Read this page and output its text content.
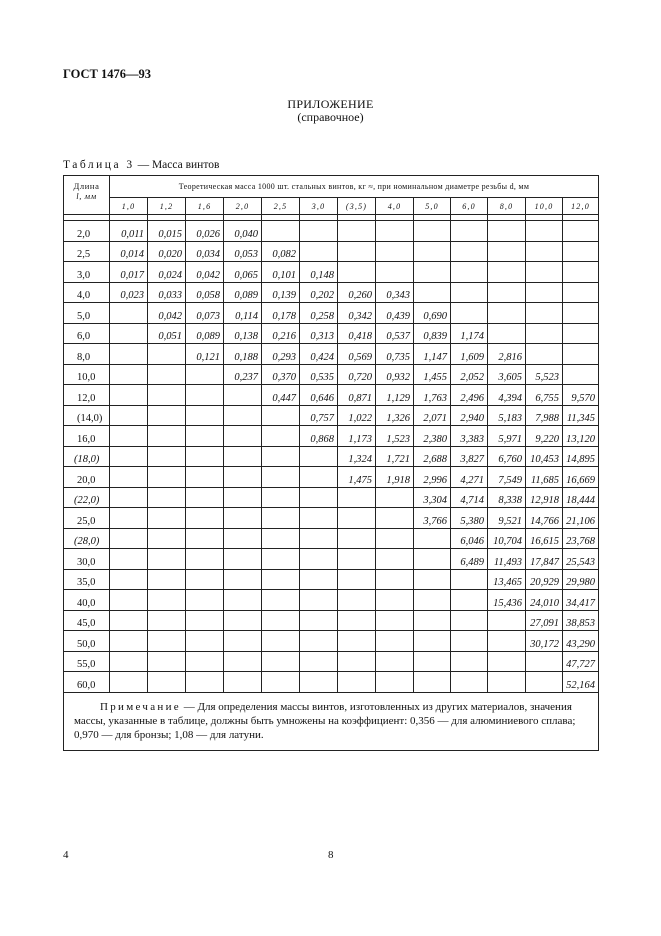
ГОСТ 1476—93
ПРИЛОЖЕНИЕ
(справочное)
Таблица 3 — Масса винтов
Длина
l, мм	Теоретическая масса 1000 шт. стальных винтов, кг ≈, при номинальном диаметре резьбы d, мм												
	1,0	1,2	1,6	2,0	2,5	3,0	(3,5)	4,0	5,0	6,0	8,0	10,0	12,0

2,0	0,011	0,015	0,026	0,040									
2,5	0,014	0,020	0,034	0,053	0,082								
3,0	0,017	0,024	0,042	0,065	0,101	0,148							
4,0	0,023	0,033	0,058	0,089	0,139	0,202	0,260	0,343					
5,0		0,042	0,073	0,114	0,178	0,258	0,342	0,439	0,690				
6,0		0,051	0,089	0,138	0,216	0,313	0,418	0,537	0,839	1,174			
8,0			0,121	0,188	0,293	0,424	0,569	0,735	1,147	1,609	2,816		
10,0				0,237	0,370	0,535	0,720	0,932	1,455	2,052	3,605	5,523	
12,0					0,447	0,646	0,871	1,129	1,763	2,496	4,394	6,755	9,570
(14,0)						0,757	1,022	1,326	2,071	2,940	5,183	7,988	11,345
16,0						0,868	1,173	1,523	2,380	3,383	5,971	9,220	13,120
(18,0)							1,324	1,721	2,688	3,827	6,760	10,453	14,895
20,0							1,475	1,918	2,996	4,271	7,549	11,685	16,669
(22,0)									3,304	4,714	8,338	12,918	18,444
25,0									3,766	5,380	9,521	14,766	21,106
(28,0)										6,046	10,704	16,615	23,768
30,0										6,489	11,493	17,847	25,543
35,0											13,465	20,929	29,980
40,0											15,436	24,010	34,417
45,0												27,091	38,853
50,0												30,172	43,290
55,0													47,727
60,0													52,164
Примечание — Для определения массы винтов, изготовленных из других материалов, значения массы, указанные в таблице, должны быть умножены на коэффициент: 0,356 — для алюминиевого сплава; 0,970 — для бронзы; 1,08 — для латуни.													
4	8
